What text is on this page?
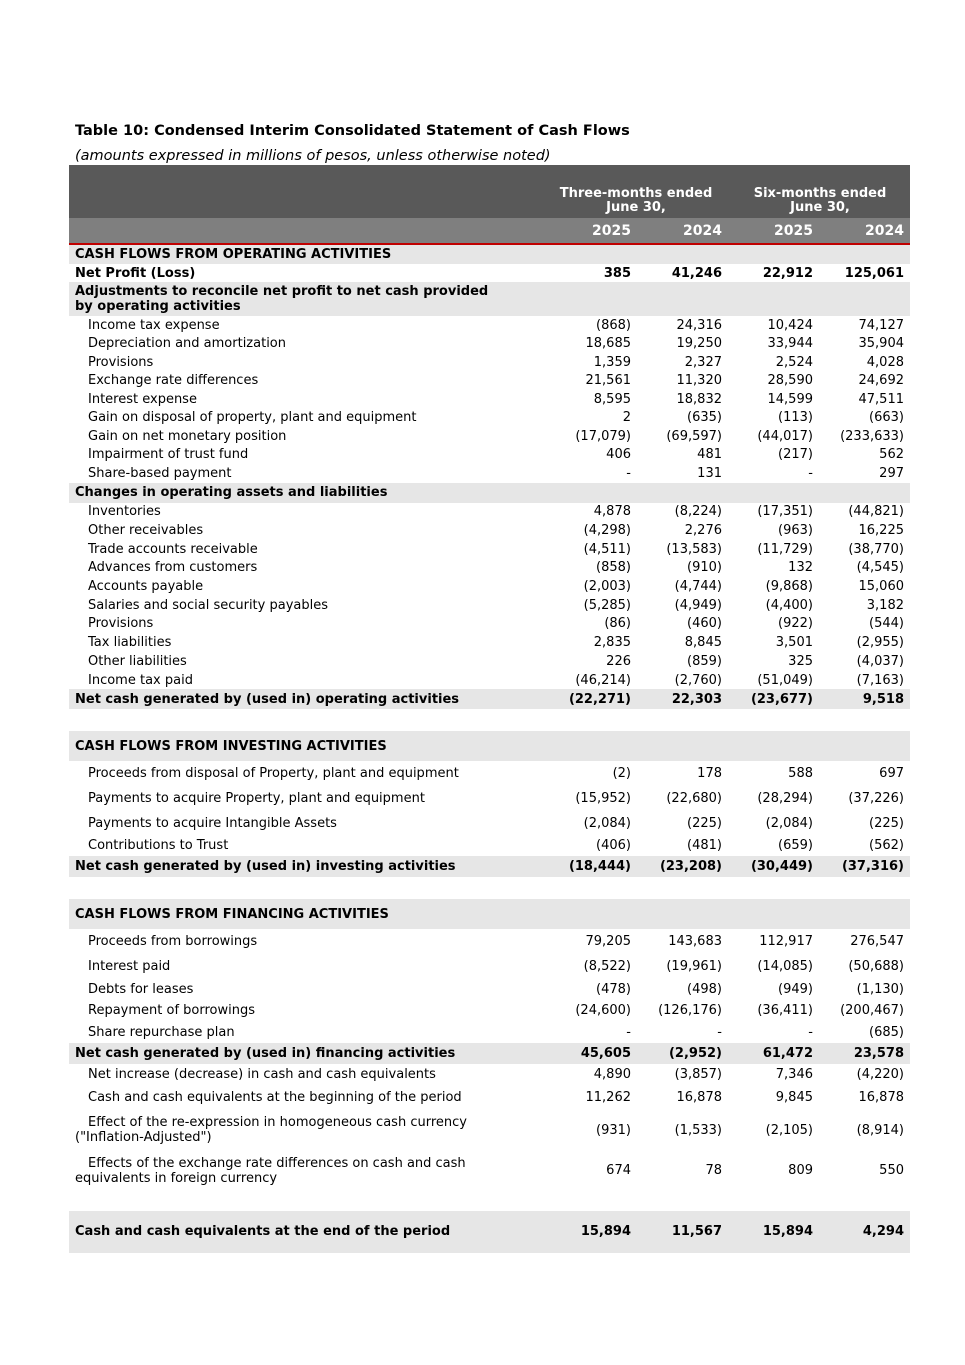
Table 10: Condensed Interim Consolidated Statement of Cash Flows
(amounts expressed in millions of pesos, unless otherwise noted)
Three-months ended June 30,
Six-months ended June 30,
2025	2024	2025	2024
CASH FLOWS FROM OPERATING ACTIVITIES
Net Profit (Loss)	385	41,246	22,912	125,061
Adjustments to reconcile net profit to net cash provided by operating activities
Income tax expense	(868)	24,316	10,424	74,127
Depreciation and amortization	18,685	19,250	33,944	35,904
Provisions	1,359	2,327	2,524	4,028
Exchange rate differences	21,561	11,320	28,590	24,692
Interest expense	8,595	18,832	14,599	47,511
Gain on disposal of property, plant and equipment	2	(635)	(113)	(663)
Gain on net monetary position	(17,079)	(69,597)	(44,017)	(233,633)
Impairment of trust fund	406	481	(217)	562
Share-based payment	-	131	-	297
Changes in operating assets and liabilities
Inventories	4,878	(8,224)	(17,351)	(44,821)
Other receivables	(4,298)	2,276	(963)	16,225
Trade accounts receivable	(4,511)	(13,583)	(11,729)	(38,770)
Advances from customers	(858)	(910)	132	(4,545)
Accounts payable	(2,003)	(4,744)	(9,868)	15,060
Salaries and social security payables	(5,285)	(4,949)	(4,400)	3,182
Provisions	(86)	(460)	(922)	(544)
Tax liabilities	2,835	8,845	3,501	(2,955)
Other liabilities	226	(859)	325	(4,037)
Income tax paid	(46,214)	(2,760)	(51,049)	(7,163)
Net cash generated by (used in) operating activities	(22,271)	22,303	(23,677)	9,518
CASH FLOWS FROM INVESTING ACTIVITIES
Proceeds from disposal of Property, plant and equipment	(2)	178	588	697
Payments to acquire Property, plant and equipment	(15,952)	(22,680)	(28,294)	(37,226)
Payments to acquire Intangible Assets	(2,084)	(225)	(2,084)	(225)
Contributions to Trust	(406)	(481)	(659)	(562)
Net cash generated by (used in) investing activities	(18,444)	(23,208)	(30,449)	(37,316)
CASH FLOWS FROM FINANCING ACTIVITIES
Proceeds from borrowings	79,205	143,683	112,917	276,547
Interest paid	(8,522)	(19,961)	(14,085)	(50,688)
Debts for leases	(478)	(498)	(949)	(1,130)
Repayment of borrowings	(24,600)	(126,176)	(36,411)	(200,467)
Share repurchase plan	-	-	-	(685)
Net cash generated by (used in) financing activities	45,605	(2,952)	61,472	23,578
Net increase (decrease) in cash and cash equivalents	4,890	(3,857)	7,346	(4,220)
Cash and cash equivalents at the beginning of the period	11,262	16,878	9,845	16,878
Effect of the re-expression in homogeneous cash currency ("Inflation-Adjusted")	(931)	(1,533)	(2,105)	(8,914)
Effects of the exchange rate differences on cash and cash equivalents in foreign currency	674	78	809	550
Cash and cash equivalents at the end of the period	15,894	11,567	15,894	4,294
